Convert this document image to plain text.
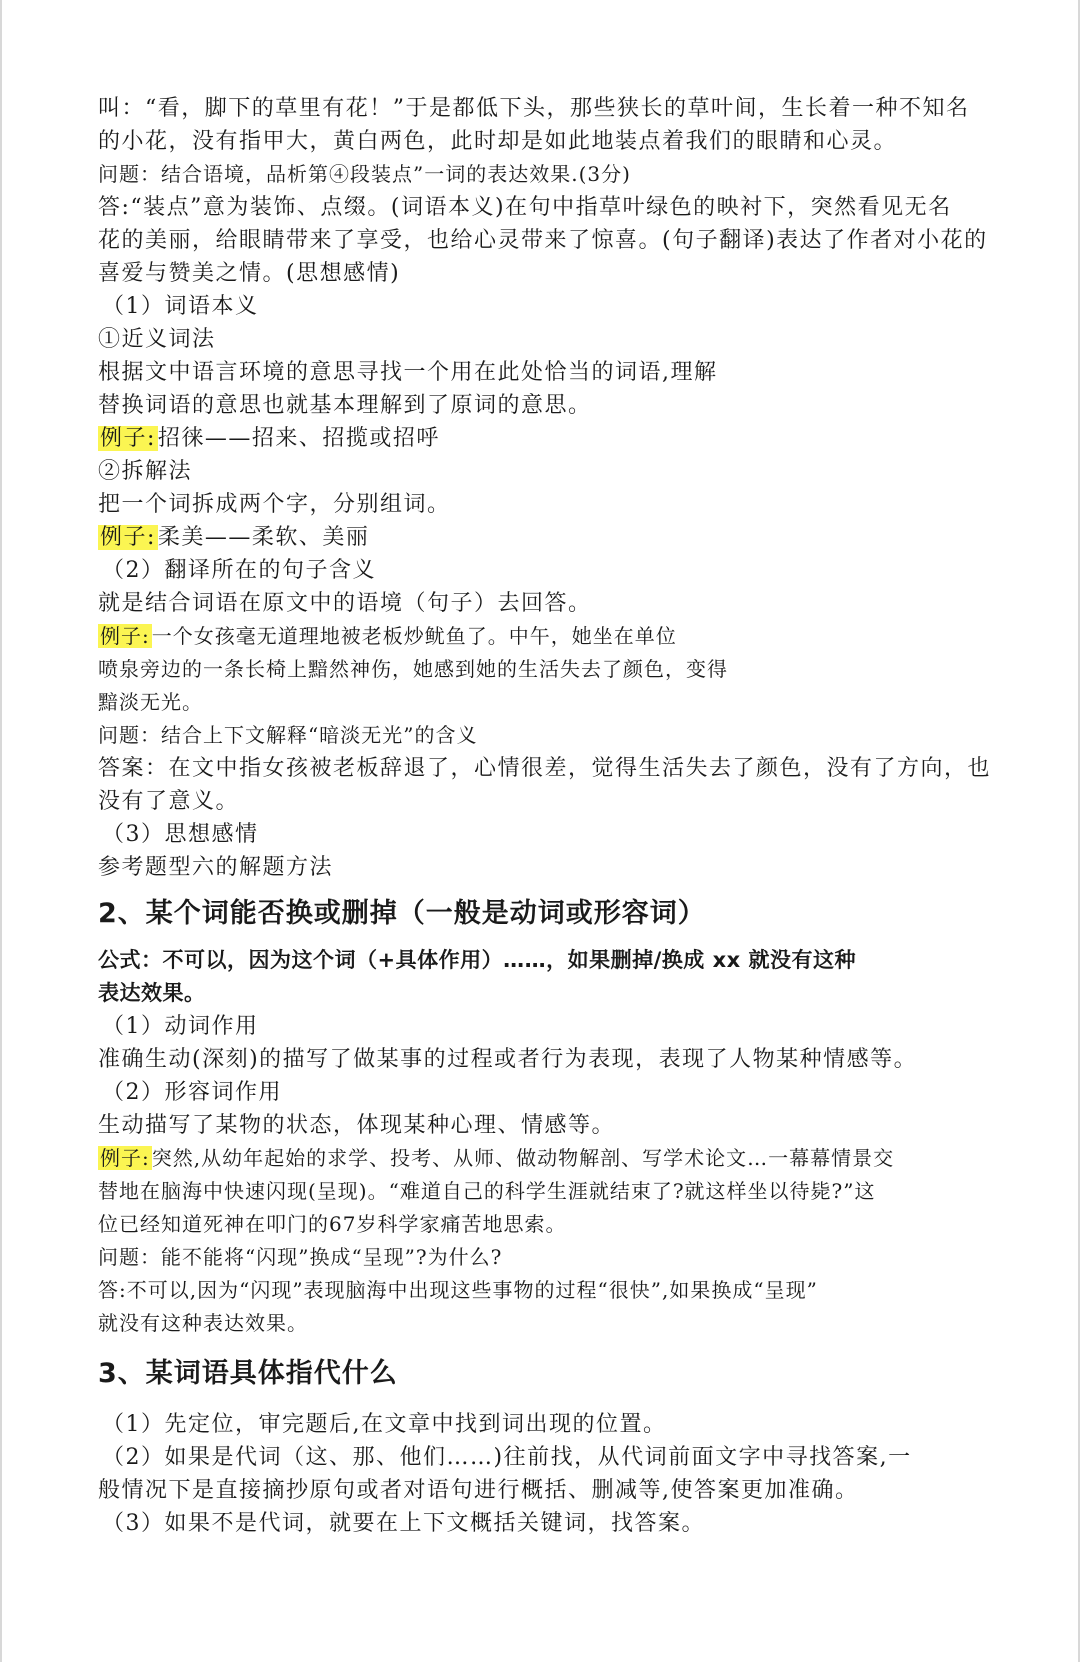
叫：“看，脚下的草里有花！”于是都低下头，那些狭长的草叶间，生长着一种不知名
的小花，没有指甲大，黄白两色，此时却是如此地装点着我们的眼睛和心灵。
问题：结合语境，品析第④段装点”一词的表达效果.(3分)
答:“装点”意为装饰、点缀。(词语本义)在句中指草叶绿色的映衬下，突然看见无名
花的美丽，给眼睛带来了享受，也给心灵带来了惊喜。(句子翻译)表达了作者对小花的
喜爱与赞美之情。(思想感情)
（1）词语本义
①近义词法
根据文中语言环境的意思寻找一个用在此处恰当的词语,理解
替换词语的意思也就基本理解到了原词的意思。
例子:招徕——招来、招揽或招呼
②拆解法
把一个词拆成两个字，分别组词。
例子:柔美——柔软、美丽
（2）翻译所在的句子含义
就是结合词语在原文中的语境（句子）去回答。
例子: 一个女孩毫无道理地被老板炒鱿鱼了。中午，她坐在单位
喷泉旁边的一条长椅上黯然神伤，她感到她的生活失去了颜色，变得
黯淡无光。
问题：结合上下文解释“暗淡无光”的含义
答案：在文中指女孩被老板辞退了，心情很差，觉得生活失去了颜色，没有了方向，也
没有了意义。
（3）思想感情
参考题型六的解题方法
2、某个词能否换或删掉（一般是动词或形容词）
公式：不可以，因为这个词（+具体作用）……，如果删掉/换成 xx 就没有这种
表达效果。
（1）动词作用
准确生动(深刻)的描写了做某事的过程或者行为表现，表现了人物某种情感等。
（2）形容词作用
生动描写了某物的状态，体现某种心理、情感等。
例子: 突然,从幼年起始的求学、投考、从师、做动物解剖、写学术论文…一幕幕情景交
替地在脑海中快速闪现(呈现)。“难道自己的科学生涯就结束了?就这样坐以待毙?”这
位已经知道死神在叩门的67岁科学家痛苦地思索。
问题：能不能将“闪现”换成“呈现”?为什么?
答:不可以,因为“闪现”表现脑海中出现这些事物的过程“很快”,如果换成“呈现”
就没有这种表达效果。
3、某词语具体指代什么
（1）先定位，审完题后,在文章中找到词出现的位置。
（2）如果是代词（这、那、他们……)往前找，从代词前面文字中寻找答案,一
般情况下是直接摘抄原句或者对语句进行概括、删减等,使答案更加准确。
（3）如果不是代词，就要在上下文概括关键词，找答案。
